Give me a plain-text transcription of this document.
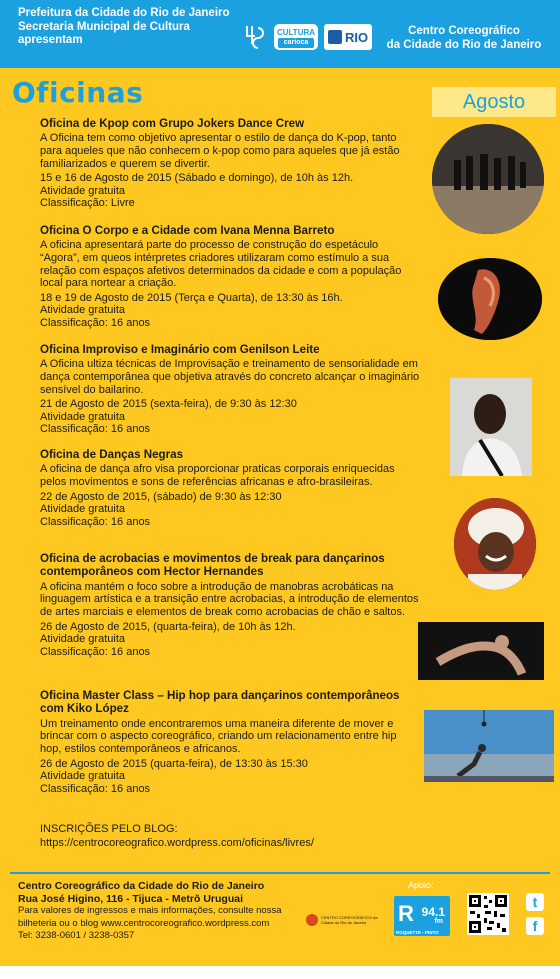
Prefeitura da Cidade do Rio de Janeiro
Secretaria Municipal de Cultura
apresentam
CULTURA
carioca	RIO	Centro Coreográfico
da Cidade do Rio de Janeiro
Oficinas	Agosto
Oficina de Kpop com Grupo Jokers Dance Crew

A Oficina tem como objetivo apresentar o estilo de dança do K-pop, tanto para aqueles que não conhecem o k-pop como para aqueles que já estão familiarizados e querem se divertir.

15 e 16 de Agosto de 2015 (Sábado e domingo), de 10h às 12h.

Atividade gratuita

Classificação: Livre

Oficina O Corpo e a Cidade com Ivana Menna Barreto

A oficina apresentará parte do processo de construção do espetáculo “Agora”, em queos intérpretes criadores utilizaram como estímulo a sua relação com espaços afetivos determinados da cidade e com a população local para nortear a criação.

18 e 19 de Agosto de 2015 (Terça e Quarta), de 13:30 às 16h.

Atividade gratuita

Classificação: 16 anos

Oficina Improviso e Imaginário com Genilson Leite

A Oficina ultiza técnicas de Improvisação e treinamento de sensorialidade em dança contemporânea que objetiva através do concreto alcançar o imaginário sensível do bailarino.

21 de Agosto de 2015 (sexta-feira), de 9:30 às 12:30

Atividade gratuita

Classificação: 16 anos

Oficina de Danças Negras

A oficina de dança afro visa proporcionar praticas corporais enriquecidas pelos movimentos e sons de referências africanas e afro-brasileiras.

22 de Agosto de 2015, (sábado) de 9:30 às 12:30

Atividade gratuita

Classificação: 16 anos

Oficina de acrobacias e movimentos de break para dançarinos contemporâneos com Hector Hernandes

A oficina mantém o foco sobre a introdução de manobras acrobáticas na linguagem artística e a transição entre acrobacias, a introdução de elementos de artes marciais e elementos de break como acrobacias de chão e saltos.

26 de Agosto de 2015, (quarta-feira), de 10h às 12h.

Atividade gratuita

Classificação: 16 anos

Oficina Master Class – Hip hop para dançarinos contemporâneos com Kiko López

Um treinamento onde encontraremos uma maneira diferente de mover e brincar com o aspecto coreográfico, criando um relacionamento entre hip hop, estilos contemporâneos e africanos.

26 de Agosto de 2015 (quarta-feira), de 13:30 às 15:30

Atividade gratuita

Classificação: 16 anos

INSCRIÇÕES PELO BLOG:
https://centrocoreografico.wordpress.com/oficinas/livres/
Centro Coreográfico da Cidade do Rio de Janeiro
Rua José Higino, 116 - Tijuca - Metrô Uruguai
Para valores de ingressos e mais informações, consulte nossa
bilheteria ou o blog www.centrocoreografico.wordpress.com
Tel: 3238-0601 / 3238-0357
Apoio:
CENTRO COREOGRÁFICO da Cidade do Rio de Janeiro	R 94.1
fm
ROQUETTE - PINTO
t
f
